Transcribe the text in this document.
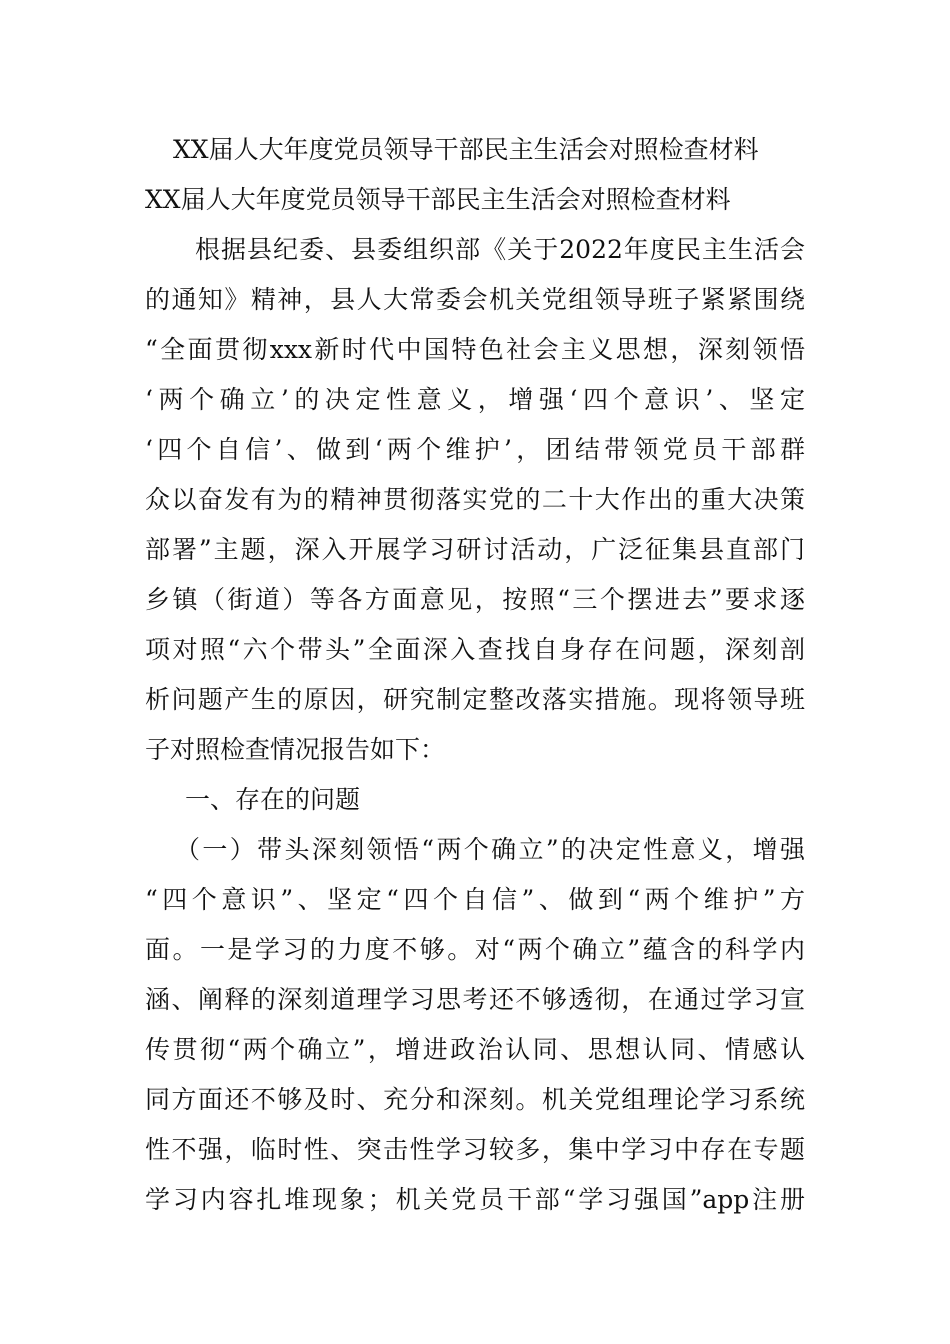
XX届人大年度党员领导干部民主生活会对照检查材料
XX届人大年度党员领导干部民主生活会对照检查材料
根据县纪委、县委组织部《关于2022年度民主生活会
的通知》精神，县人大常委会机关党组领导班子紧紧围绕
“全面贯彻xxx新时代中国特色社会主义思想，深刻领悟
‘两个确立’的决定性意义，增强‘四个意识’、坚定
‘四个自信’、做到‘两个维护’，团结带领党员干部群
众以奋发有为的精神贯彻落实党的二十大作出的重大决策
部署”主题，深入开展学习研讨活动，广泛征集县直部门
乡镇（街道）等各方面意见，按照“三个摆进去”要求逐
项对照“六个带头”全面深入查找自身存在问题，深刻剖
析问题产生的原因，研究制定整改落实措施。现将领导班
子对照检查情况报告如下：
一、存在的问题
（一）带头深刻领悟“两个确立”的决定性意义，增强
“四个意识”、坚定“四个自信”、做到“两个维护”方
面。一是学习的力度不够。对“两个确立”蕴含的科学内
涵、阐释的深刻道理学习思考还不够透彻，在通过学习宣
传贯彻“两个确立”，增进政治认同、思想认同、情感认
同方面还不够及时、充分和深刻。机关党组理论学习系统
性不强，临时性、突击性学习较多，集中学习中存在专题
学习内容扎堆现象；机关党员干部“学习强国”app注册
